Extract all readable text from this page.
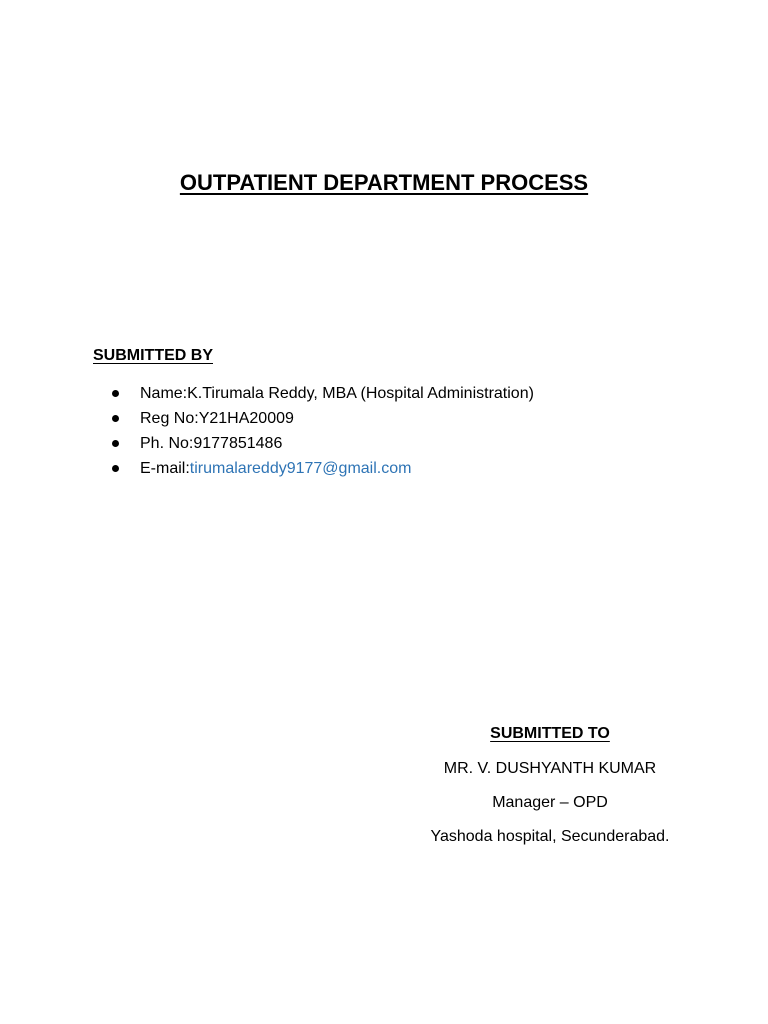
OUTPATIENT DEPARTMENT PROCESS
SUBMITTED BY
Name: K.Tirumala Reddy, MBA (Hospital Administration)
Reg No: Y21HA20009
Ph. No: 9177851486
E-mail: tirumalareddy9177@gmail.com
SUBMITTED TO
MR. V. DUSHYANTH KUMAR
Manager – OPD
Yashoda hospital, Secunderabad.
